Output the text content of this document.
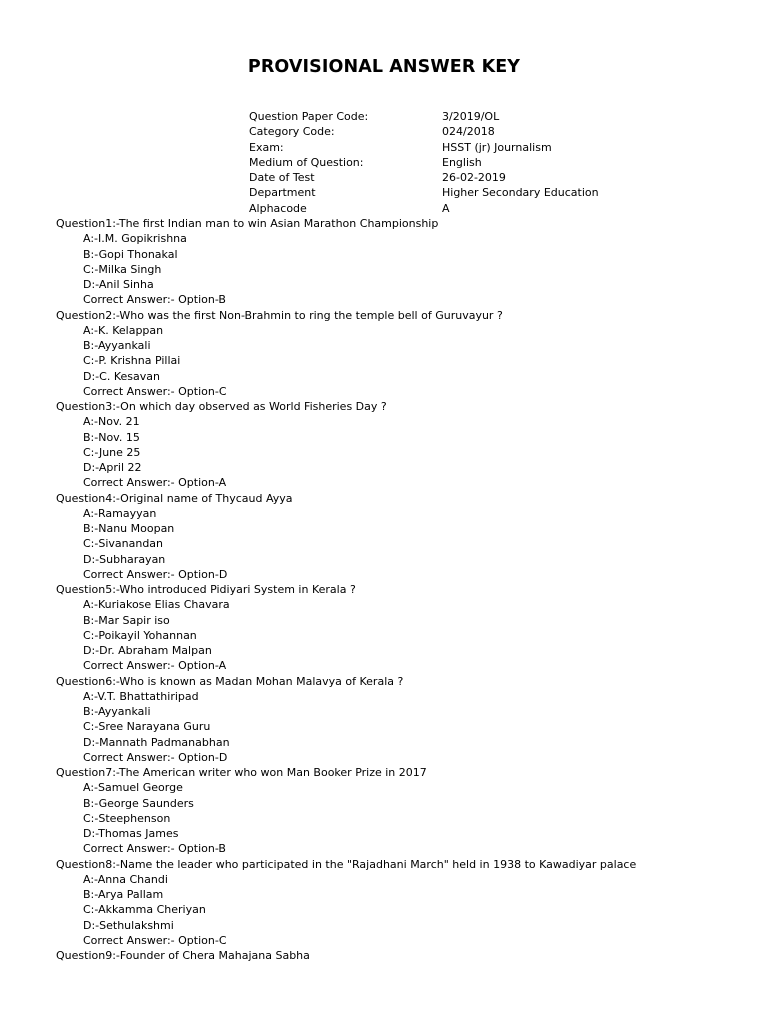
PROVISIONAL ANSWER KEY
Question Paper Code:	3/2019/OL
Category Code:	024/2018
Exam:	HSST (jr) Journalism
Medium of Question:	English
Date of Test	26-02-2019
Department	Higher Secondary Education
Alphacode	A
Question1:-The first Indian man to win Asian Marathon Championship
A:-I.M. Gopikrishna
B:-Gopi Thonakal
C:-Milka Singh
D:-Anil Sinha
Correct Answer:- Option-B
Question2:-Who was the first Non-Brahmin to ring the temple bell of Guruvayur ?
A:-K. Kelappan
B:-Ayyankali
C:-P. Krishna Pillai
D:-C. Kesavan
Correct Answer:- Option-C
Question3:-On which day observed as World Fisheries Day ?
A:-Nov. 21
B:-Nov. 15
C:-June 25
D:-April 22
Correct Answer:- Option-A
Question4:-Original name of Thycaud Ayya
A:-Ramayyan
B:-Nanu Moopan
C:-Sivanandan
D:-Subharayan
Correct Answer:- Option-D
Question5:-Who introduced Pidiyari System in Kerala ?
A:-Kuriakose Elias Chavara
B:-Mar Sapir iso
C:-Poikayil Yohannan
D:-Dr. Abraham Malpan
Correct Answer:- Option-A
Question6:-Who is known as Madan Mohan Malavya of Kerala ?
A:-V.T. Bhattathiripad
B:-Ayyankali
C:-Sree Narayana Guru
D:-Mannath Padmanabhan
Correct Answer:- Option-D
Question7:-The American writer who won Man Booker Prize in 2017
A:-Samuel George
B:-George Saunders
C:-Steephenson
D:-Thomas James
Correct Answer:- Option-B
Question8:-Name the leader who participated in the "Rajadhani March" held in 1938 to Kawadiyar palace
A:-Anna Chandi
B:-Arya Pallam
C:-Akkamma Cheriyan
D:-Sethulakshmi
Correct Answer:- Option-C
Question9:-Founder of Chera Mahajana Sabha
